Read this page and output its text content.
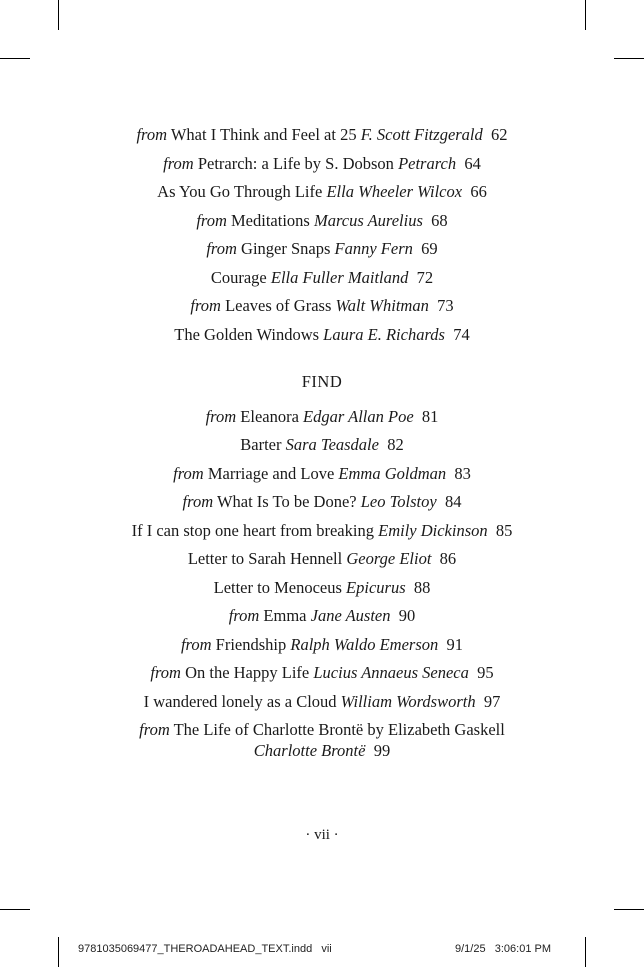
from What I Think and Feel at 25 F. Scott Fitzgerald 62
from Petrarch: a Life by S. Dobson Petrarch 64
As You Go Through Life Ella Wheeler Wilcox 66
from Meditations Marcus Aurelius 68
from Ginger Snaps Fanny Fern 69
Courage Ella Fuller Maitland 72
from Leaves of Grass Walt Whitman 73
The Golden Windows Laura E. Richards 74
FIND
from Eleanora Edgar Allan Poe 81
Barter Sara Teasdale 82
from Marriage and Love Emma Goldman 83
from What Is To be Done? Leo Tolstoy 84
If I can stop one heart from breaking Emily Dickinson 85
Letter to Sarah Hennell George Eliot 86
Letter to Menoceus Epicurus 88
from Emma Jane Austen 90
from Friendship Ralph Waldo Emerson 91
from On the Happy Life Lucius Annaeus Seneca 95
I wandered lonely as a Cloud William Wordsworth 97
from The Life of Charlotte Brontë by Elizabeth Gaskell Charlotte Brontë 99
· vii ·
9781035069477_THEROADAHEAD_TEXT.indd   vii	9/1/25   3:06:01 PM
